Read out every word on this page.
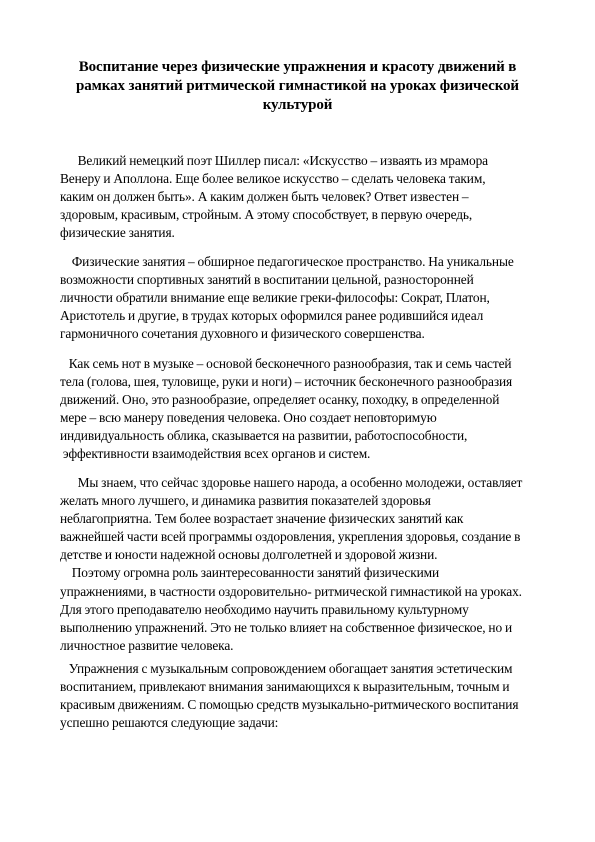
Воспитание через физические упражнения и красоту движений в
рамках занятий ритмической гимнастикой на уроках физической
культурой

Великий немецкий поэт Шиллер писал: «Искусство – изваять из мрамора
Венеру и Аполлона. Еще более великое искусство – сделать человека таким,
каким он должен быть». А каким должен быть человек? Ответ известен –
здоровым, красивым, стройным. А этому способствует, в первую очередь,
физические занятия.

Физические занятия – обширное педагогическое пространство. На уникальные
возможности спортивных занятий в воспитании цельной, разносторонней
личности обратили внимание еще великие греки-философы: Сократ, Платон,
Аристотель и другие, в трудах которых оформился ранее родившийся идеал
гармоничного сочетания духовного и физического совершенства.

Как семь нот в музыке – основой бесконечного разнообразия, так и семь частей
тела (голова, шея, туловище, руки и ноги) – источник бесконечного разнообразия
движений. Оно, это разнообразие, определяет осанку, походку, в определенной
мере – всю манеру поведения человека. Оно создает неповторимую
индивидуальность облика, сказывается на развитии, работоспособности,
эффективности взаимодействия всех органов и систем.

Мы знаем, что сейчас здоровье нашего народа, а особенно молодежи, оставляет
желать много лучшего, и динамика развития показателей здоровья
неблагоприятна. Тем более возрастает значение физических занятий как
важнейшей части всей программы оздоровления, укрепления здоровья, создание в
детстве и юности надежной основы долголетней и здоровой жизни.
Поэтому огромна роль заинтересованности занятий физическими
упражнениями, в частности оздоровительно- ритмической гимнастикой на уроках.
Для этого преподавателю необходимо научить правильному культурному
выполнению упражнений. Это не только влияет на собственное физическое, но и
личностное развитие человека.

Упражнения с музыкальным сопровождением обогащает занятия эстетическим
воспитанием, привлекают внимания занимающихся к выразительным, точным и
красивым движениям. С помощью средств музыкально-ритмического воспитания
успешно решаются следующие задачи:
